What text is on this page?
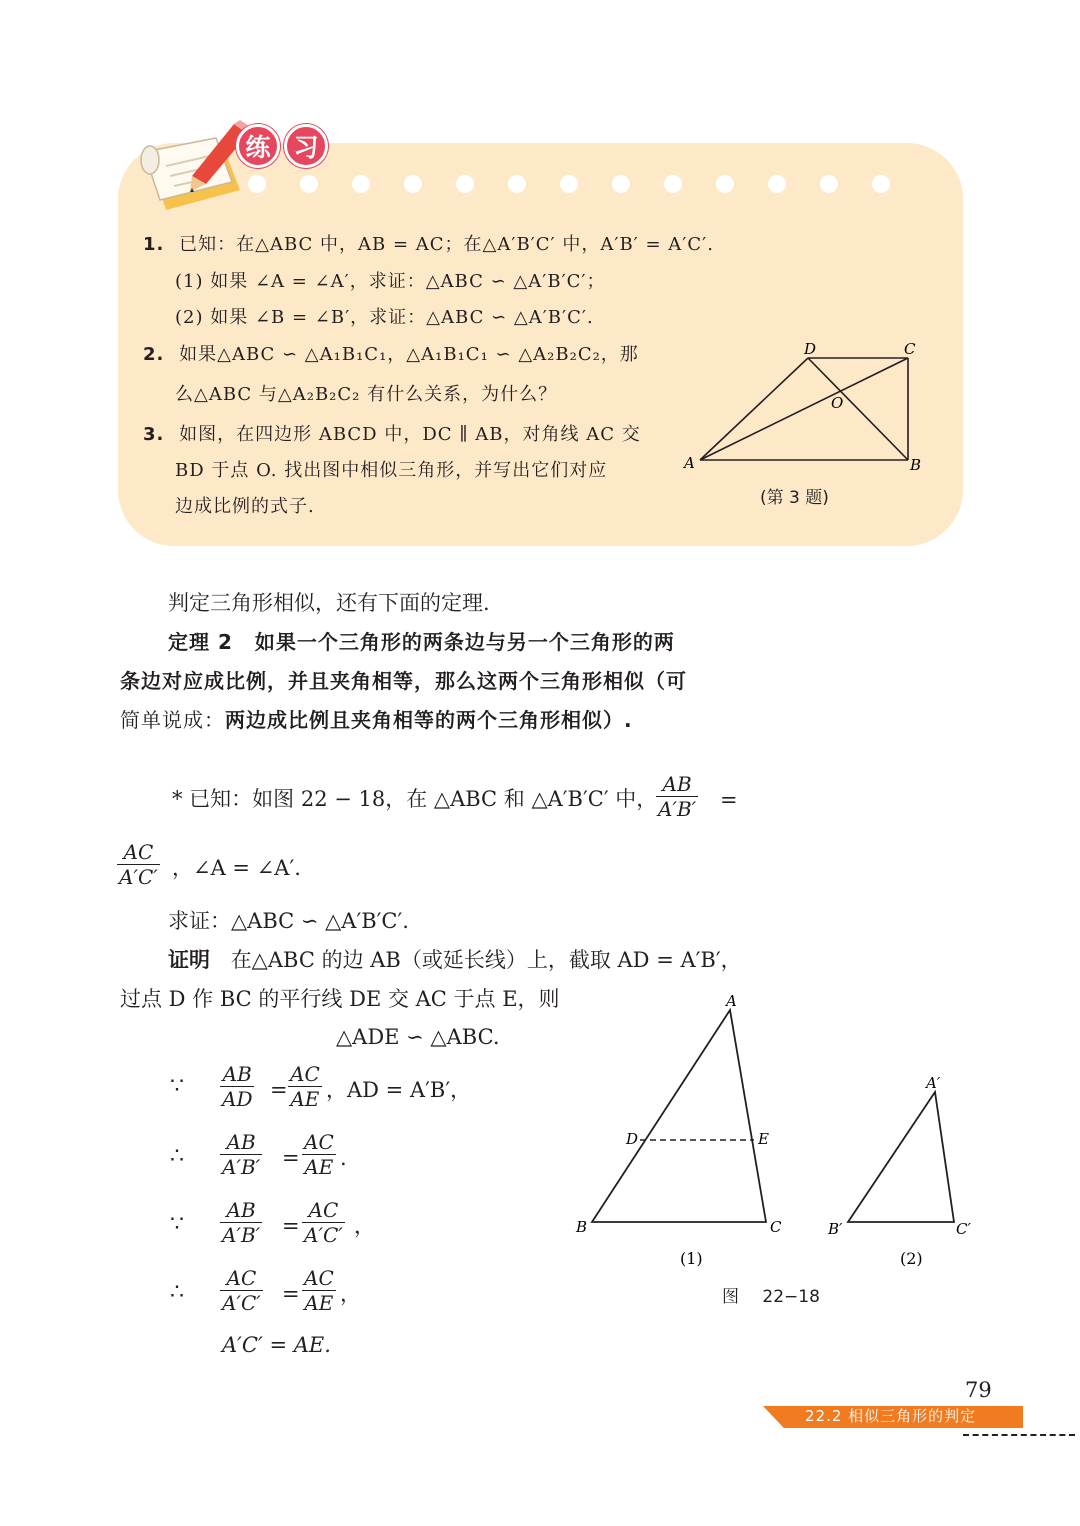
练 习
1. 已知：在△ABC 中，AB = AC；在△A′B′C′ 中，A′B′ = A′C′.
(1) 如果 ∠A = ∠A′，求证：△ABC ∽ △A′B′C′；
(2) 如果 ∠B = ∠B′，求证：△ABC ∽ △A′B′C′.
2. 如果△ABC ∽ △A₁B₁C₁，△A₁B₁C₁ ∽ △A₂B₂C₂，那
么△ABC 与△A₂B₂C₂ 有什么关系，为什么？
3. 如图，在四边形 ABCD 中，DC ∥ AB，对角线 AC 交
BD 于点 O. 找出图中相似三角形，并写出它们对应
边成比例的式子.
D	C
O
A	B
(第 3 题)
判定三角形相似，还有下面的定理.
定理 2 如果一个三角形的两条边与另一个三角形的两
条边对应成比例，并且夹角相等，那么这两个三角形相似（可
简单说成：两边成比例且夹角相等的两个三角形相似）.
* 已知：如图 22 − 18，在 △ABC 和 △A′B′C′ 中，
$\frac{AB}{A'B'}$ =
$\frac{AC}{A'C'}$ ，∠A = ∠A′.
求证：△ABC ∽ △A′B′C′.
证明 在△ABC 的边 AB（或延长线）上，截取 AD = A′B′，
过点 D 作 BC 的平行线 DE 交 AC 于点 E，则
△ADE ∽ △ABC.
∵ $\frac{AB}{AD} = \frac{AC}{AE}$ ，AD = A′B′，
∴ $\frac{AB}{A'B'} = \frac{AC}{AE}$ .
∵ $\frac{AB}{A'B'} = \frac{AC}{A'C'}$ ，
∴ $\frac{AC}{A'C'} = \frac{AC}{AE}$ ，
A′C′ = AE.
A
D	E
B	C
A′
B′	C′
(1)	(2)
图 22−18
79
22.2 相似三角形的判定
